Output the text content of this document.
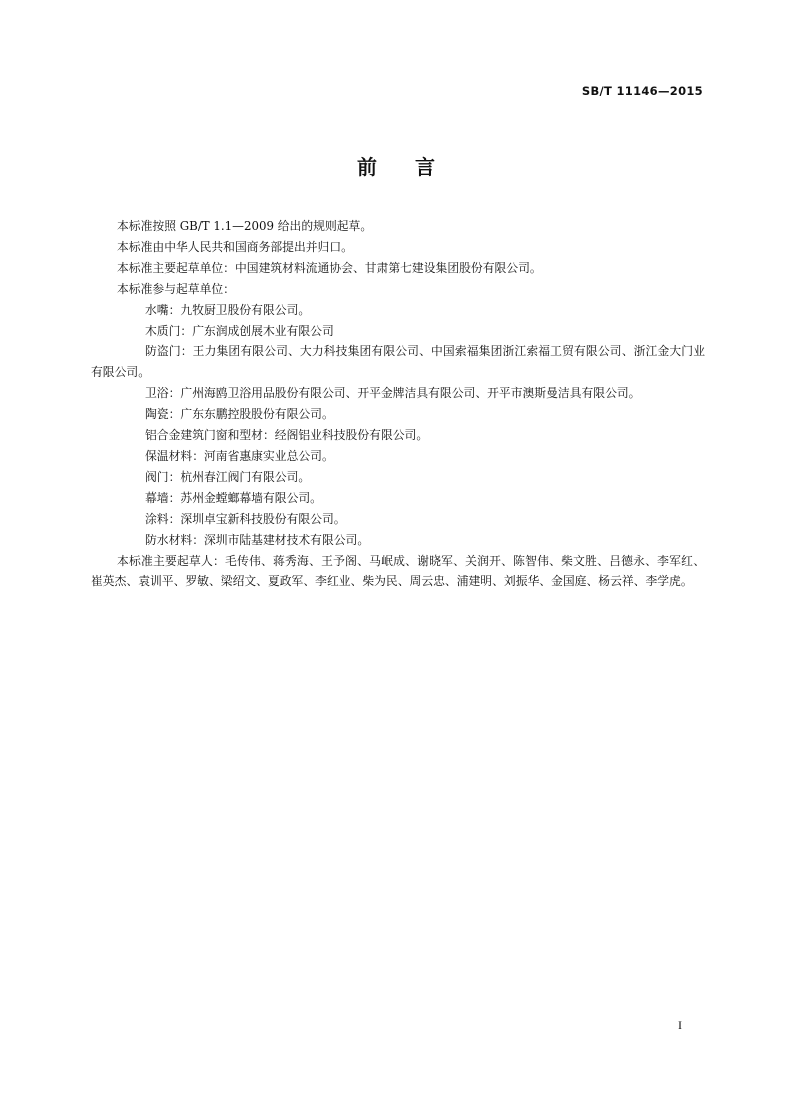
SB/T 11146—2015
前言

本标准按照 GB/T 1.1—2009 给出的规则起草。

本标准由中华人民共和国商务部提出并归口。

本标准主要起草单位：中国建筑材料流通协会、甘肃第七建设集团股份有限公司。

本标准参与起草单位：

水嘴：九牧厨卫股份有限公司。

木质门：广东润成创展木业有限公司

防盗门：王力集团有限公司、大力科技集团有限公司、中国索福集团浙江索福工贸有限公司、浙江金大门业有限公司。

卫浴：广州海鸥卫浴用品股份有限公司、开平金牌洁具有限公司、开平市澳斯曼洁具有限公司。

陶瓷：广东东鹏控股股份有限公司。

铝合金建筑门窗和型材：经阁铝业科技股份有限公司。

保温材料：河南省惠康实业总公司。

阀门：杭州春江阀门有限公司。

幕墙：苏州金螳螂幕墙有限公司。

涂料：深圳卓宝新科技股份有限公司。

防水材料：深圳市陆基建材技术有限公司。

本标准主要起草人：毛传伟、蒋秀海、王予阁、马岷成、谢晓军、关润开、陈智伟、柴文胜、吕德永、李军红、崔英杰、袁训平、罗敏、梁绍文、夏政军、李红业、柴为民、周云忠、浦建明、刘振华、金国庭、杨云祥、李学虎。

I
